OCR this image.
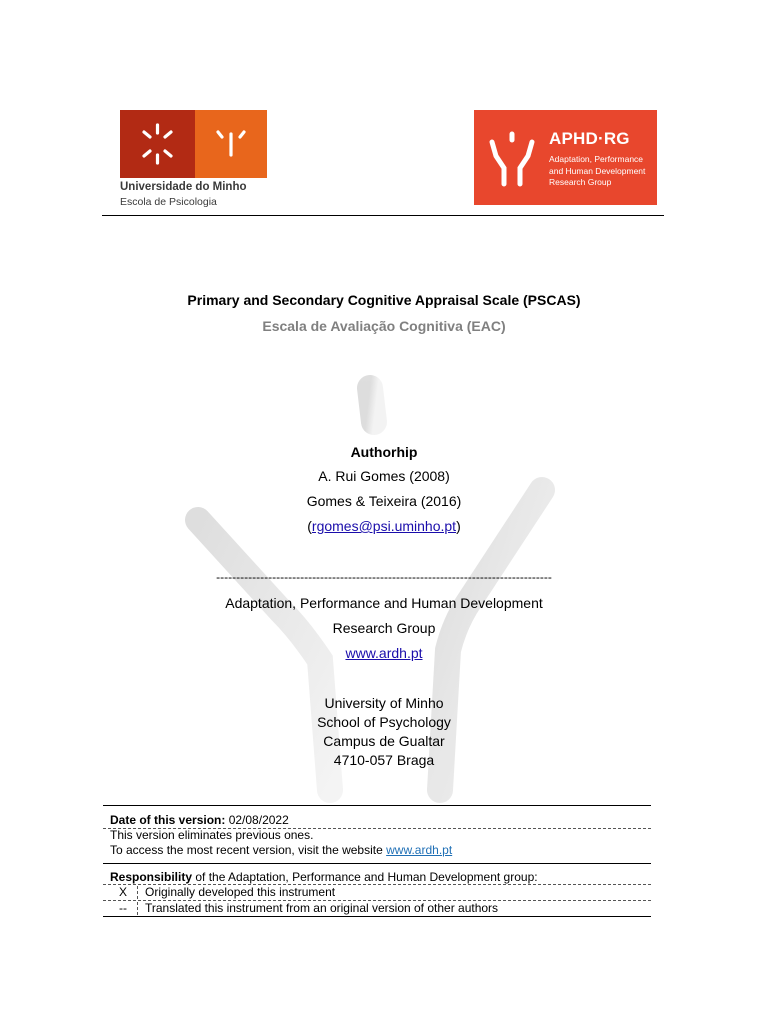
Universidade do Minho
Escola de Psicologia
APHD·RG
Adaptation, Performance
and Human Development
Research Group
Primary and Secondary Cognitive Appraisal Scale (PSCAS)
Escala de Avaliação Cognitiva (EAC)
Authorhip
A. Rui Gomes (2008)
Gomes & Teixeira (2016)
(rgomes@psi.uminho.pt)
------------------------------------------------------------------------------------
Adaptation, Performance and Human Development
Research Group
www.ardh.pt
University of Minho
School of Psychology
Campus de Gualtar
4710-057 Braga
Date of this version: 02/08/2022
This version eliminates previous ones.
To access the most recent version, visit the website www.ardh.pt
Responsibility of the Adaptation, Performance and Human Development group:
X	Originally developed this instrument
--	Translated this instrument from an original version of other authors
